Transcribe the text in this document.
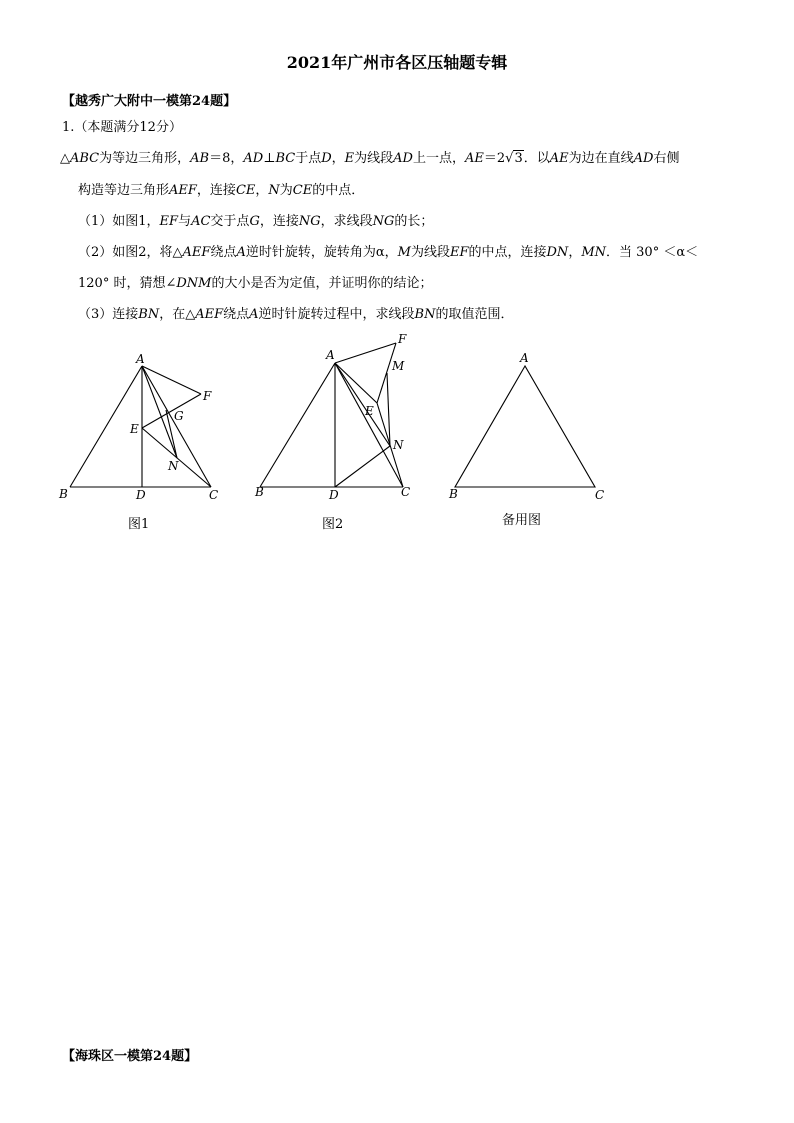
2021年广州市各区压轴题专辑
【越秀广大附中一模第24题】
1.（本题满分12分）
△ABC为等边三角形，AB＝8，AD⊥BC于点D，E为线段AD上一点，AE＝2√3．以AE为边在直线AD右侧
构造等边三角形AEF，连接CE，N为CE的中点．
（1）如图1，EF与AC交于点G，连接NG，求线段NG的长；
（2）如图2，将△AEF绕点A逆时针旋转，旋转角为α，M为线段EF的中点，连接DN，MN．当 30° ＜α＜
120° 时，猜想∠DNM的大小是否为定值，并证明你的结论；
（3）连接BN，在△AEF绕点A逆时针旋转过程中，求线段BN的取值范围．
A
B	C
D
E
F
G
N
图1
A
B	C
D
E
F
M
N
图2
A
B	C
备用图
【海珠区一模第24题】
